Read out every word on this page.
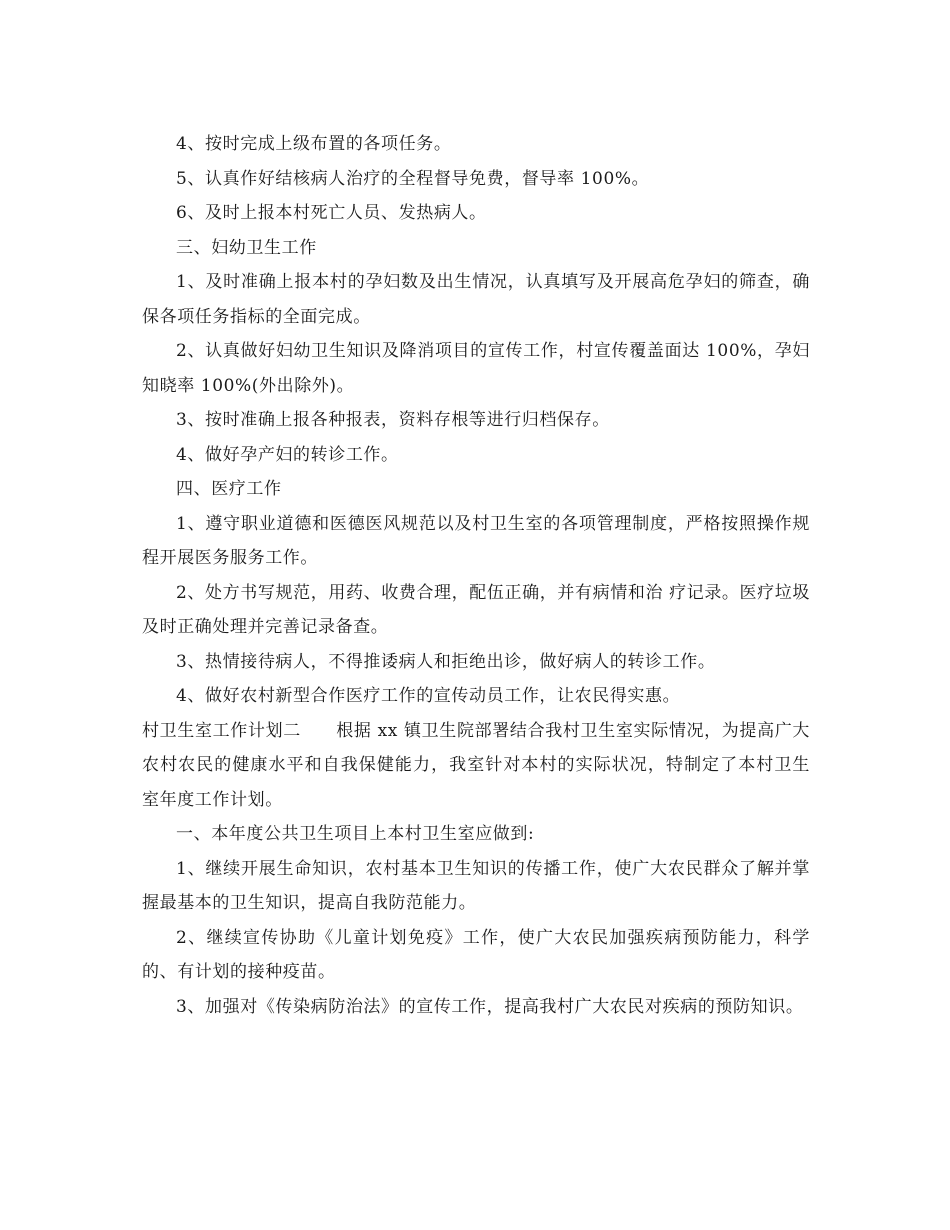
4、按时完成上级布置的各项任务。

5、认真作好结核病人治疗的全程督导免费，督导率 100%。

6、及时上报本村死亡人员、发热病人。

三、妇幼卫生工作

1、及时准确上报本村的孕妇数及出生情况，认真填写及开展高危孕妇的筛查，确保各项任务指标的全面完成。

2、认真做好妇幼卫生知识及降消项目的宣传工作，村宣传覆盖面达 100%，孕妇知晓率 100%(外出除外)。

3、按时准确上报各种报表，资料存根等进行归档保存。

4、做好孕产妇的转诊工作。

四、医疗工作

1、遵守职业道德和医德医风规范以及村卫生室的各项管理制度，严格按照操作规程开展医务服务工作。

2、处方书写规范，用药、收费合理，配伍正确，并有病情和治 疗记录。医疗垃圾及时正确处理并完善记录备查。

3、热情接待病人，不得推诿病人和拒绝出诊，做好病人的转诊工作。

4、做好农村新型合作医疗工作的宣传动员工作，让农民得实惠。

村卫生室工作计划二　　根据 xx 镇卫生院部署结合我村卫生室实际情况，为提高广大农村农民的健康水平和自我保健能力，我室针对本村的实际状况，特制定了本村卫生室年度工作计划。

一、本年度公共卫生项目上本村卫生室应做到:

1、继续开展生命知识，农村基本卫生知识的传播工作，使广大农民群众了解并掌握最基本的卫生知识，提高自我防范能力。

2、继续宣传协助《儿童计划免疫》工作，使广大农民加强疾病预防能力，科学的、有计划的接种疫苗。

3、加强对《传染病防治法》的宣传工作，提高我村广大农民对疾病的预防知识。
